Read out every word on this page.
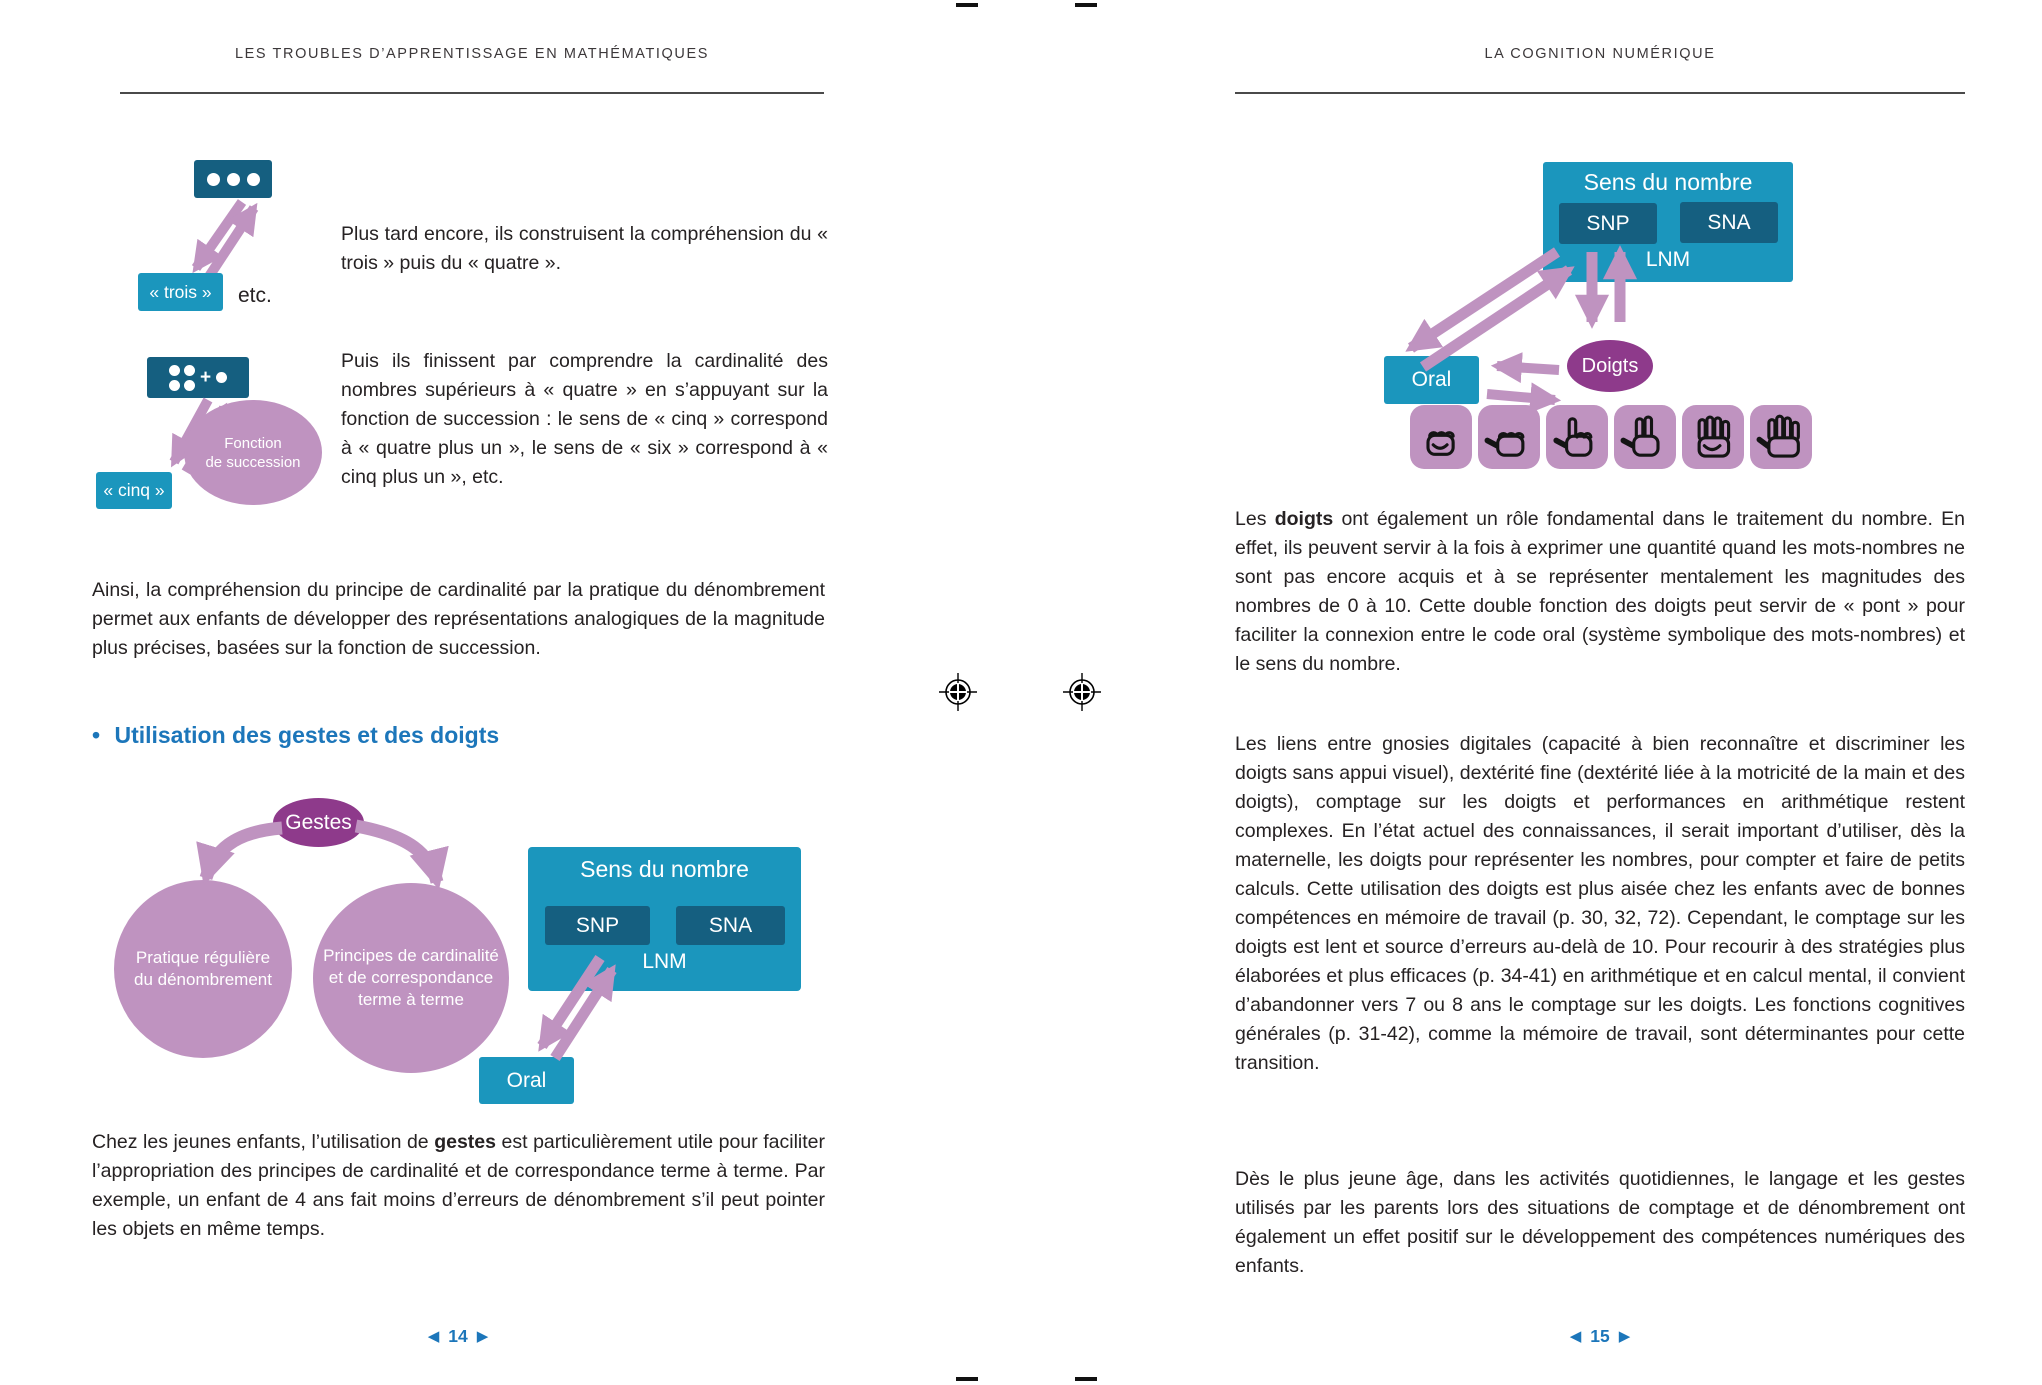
LES TROUBLES D’APPRENTISSAGE EN MATHÉMATIQUES
« trois »	etc.
Plus tard encore, ils construisent la compréhension du « trois » puis du « quatre ».
+
Fonction
de succession
« cinq »
Puis ils finissent par comprendre la cardinalité des nombres supérieurs à « quatre » en s’appuyant sur la fonction de succession : le sens de « cinq » correspond à « quatre plus un », le sens de « six » correspond à « cinq plus un », etc.
Ainsi, la compréhension du principe de cardinalité par la pratique du dénombrement permet aux enfants de développer des représentations analogiques de la magnitude plus précises, basées sur la fonction de succession.
• Utilisation des gestes et des doigts
Pratique régulière du dénombrement
Principes de cardinalité et de correspondance terme à terme
Sens du nombre
SNP	SNA
LNM
Oral
Gestes
Chez les jeunes enfants, l’utilisation de gestes est particulièrement utile pour faciliter l’appropriation des principes de cardinalité et de correspondance terme à terme. Par exemple, un enfant de 4 ans fait moins d’erreurs de dénombrement s’il peut pointer les objets en même temps.
◀ 14 ▶
LA COGNITION NUMÉRIQUE
Sens du nombre
SNP	SNA
LNM
Oral
Doigts
Les doigts ont également un rôle fondamental dans le traitement du nombre. En effet, ils peuvent servir à la fois à exprimer une quantité quand les mots-nombres ne sont pas encore acquis et à se représenter mentalement les magnitudes des nombres de 0 à 10. Cette double fonction des doigts peut servir de « pont » pour faciliter la connexion entre le code oral (système symbolique des mots-nombres) et le sens du nombre.
Les liens entre gnosies digitales (capacité à bien reconnaître et discriminer les doigts sans appui visuel), dextérité fine (dextérité liée à la motricité de la main et des doigts), comptage sur les doigts et performances en arithmétique restent complexes. En l’état actuel des connaissances, il serait important d’utiliser, dès la maternelle, les doigts pour représenter les nombres, pour compter et faire de petits calculs. Cette utilisation des doigts est plus aisée chez les enfants avec de bonnes compétences en mémoire de travail (p. 30, 32, 72). Cependant, le comptage sur les doigts est lent et source d’erreurs au-delà de 10. Pour recourir à des stratégies plus élaborées et plus efficaces (p. 34-41) en arithmétique et en calcul mental, il convient d’abandonner vers 7 ou 8 ans le comptage sur les doigts. Les fonctions cognitives générales (p. 31-42), comme la mémoire de travail, sont déterminantes pour cette transition.
Dès le plus jeune âge, dans les activités quotidiennes, le langage et les gestes utilisés par les parents lors des situations de comptage et de dénombrement ont également un effet positif sur le développement des compétences numériques des enfants.
◀ 15 ▶
